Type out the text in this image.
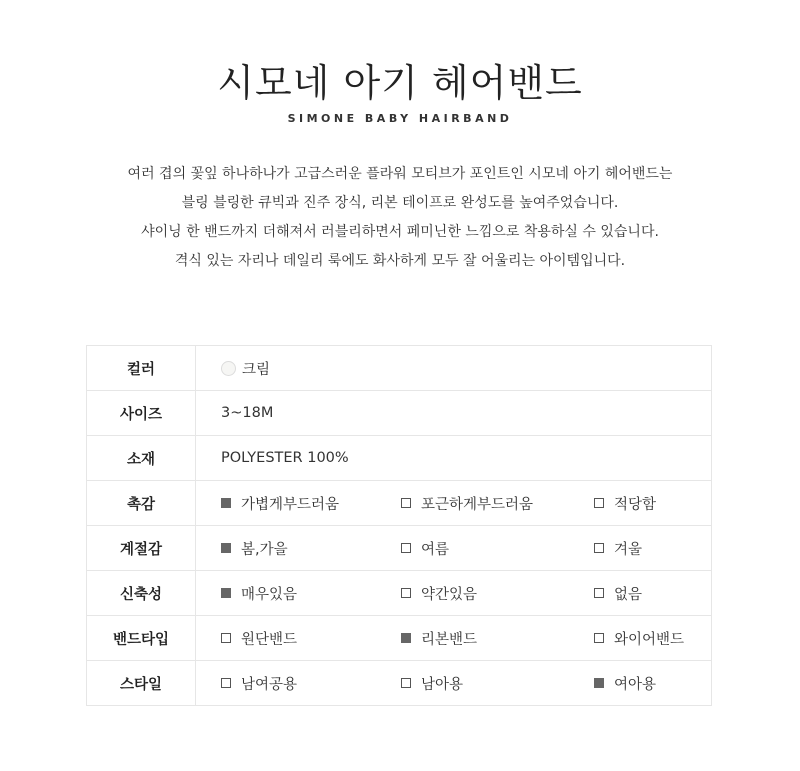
시모네 아기 헤어밴드
SIMONE BABY HAIRBAND

여러 겹의 꽃잎 하나하나가 고급스러운 플라워 모티브가 포인트인 시모네 아기 헤어밴드는

블링 블링한 큐빅과 진주 장식, 리본 테이프로 완성도를 높여주었습니다.

샤이닝 한 밴드까지 더해져서 러블리하면서 페미닌한 느낌으로 착용하실 수 있습니다.

격식 있는 자리나 데일리 룩에도 화사하게 모두 잘 어울리는 아이템입니다.

컬러	크림

사이즈	3~18M
소재	POLYESTER 100%
촉감	가볍게부드러움 포근하게부드러움 적당함

계절감	봄,가을 여름 겨울

신축성	매우있음 약간있음 없음

밴드타입	원단밴드 리본밴드 와이어밴드

스타일	남여공용 남아용 여아용
